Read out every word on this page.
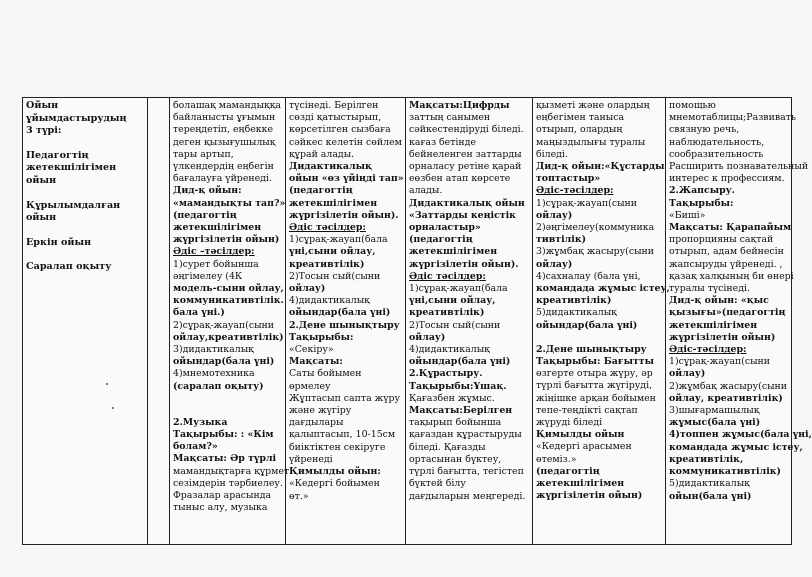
Ойын
ұйымдастырудың
3 түрі:
Педагогтің
жетекшілігімен
ойын
Құрылымдалған
ойын
Еркін ойын
Саралап оқыту
болашақ мамандыққа
байланысты ұғымын
тереңдетіп, еңбекке
деген қызығушылық
тары артып,
үлкендердің еңбегін
бағалауға үйренеді.
Дид-қ ойын:
«мамандықты тап?»
(педагогтің
жетекшілігімен
жүргізілетін ойын)
Әдіс –тәсілдер:
1)сурет бойынша
әңгімелеу (4К
модель-сыни ойлау,
коммуникативтілік.
бала үні.)
2)сұрақ-жауап(сыни
ойлау,креативтілік)
3)дидактикалық
ойындар(бала үні)
4)мнемотехника
(саралап оқыту)
2.Музыка
Тақырыбы: : «Кім
болам?»
Мақсаты: Әр түрлі
мамандықтарға құрмет
сезімдерін тәрбиелеу.
Фразалар арасында
тыныс алу, музыка
түсінеді. Берілген
сөзді қатыстырып,
көрсетілген сызбаға
сәйкес келетін сөйлем
құрай алады.
Дидактикалық
ойын «өз үйіңді тап»
(педагогтің
жетекшілігімен
жүргізілетін ойын).
Әдіс тәсілдер:
1)сұрақ-жауап(бала
үні,сыни ойлау,
креативтілік)
2)Тосын сый(сыни
ойлау)
4)дидактикалық
ойындар(бала үні)
2.Дене шынықтыру
Тақырыбы:
«Секіру»
Мақсаты:
Саты бойымен
өрмелеу
Жұптасып сапта жүру
және жүгіру
дағдылары
қалыптасып, 10-15см
биіктіктен секіруге
үйренеді
Қимылды ойын:
«Кедергі бойымен
өт.»
Мақсаты:Цифрды
заттың санымен
сәйкестендіруді біледі.
кағаз бетінде
бейнеленген заттарды
орналасу ретіне қарай
еөзбен атап көрсете
алады.
Дидактикалық ойын
«Заттарды кеңістік
орналастыр»
(педагогтің
жетекшілігімен
жүргізілетін ойын).
Әдіс тәсілдер:
1)сұрақ-жауап(бала
үні,сыни ойлау,
креативтілік)
2)Тосын сый(сыни
ойлау)
4)дидактикалық
ойындар(бала үні)
2.Құрастыру.
Тақырыбы:Ұшақ.
Қағазбен жұмыс.
Мақсаты:Берілген
тақырып бойынша
қағаздан құрастыруды
біледі. Қағазды
ортасынан бүктеу,
түрлі бағытта, тегістеп
бүктей білу
дағдыларын меңгереді.
қызметі және олардың
еңбегімен таныса
отырып, олардың
маңыздылығы туралы
біледі.
Дид-қ ойын:«Құстарды
топтастыр»
Әдіс-тәсілдер:
1)сұрақ-жауап(сыни
ойлау)
2)әңгімелеу(коммуника
тивтілік)
3)жұмбақ жасыру(сыни
ойлау)
4)сахналау (бала үні,
командада жұмыс істеу,
креативтілік)
5)дидактикалық
ойындар(бала үні)
2.Дене шынықтыру
Тақырыбы: Бағытты
өзгерте отыра жүру, әр
түрлі бағытта жүгіруді,
жіңішке арқан бойымен
тепе-теңдікті сақтап
жүруді біледі
Қимылды ойын
«Кедергі арасымен
өтеміз.»
(педагогтің
жетекшілігімен
жүргізілетін ойын)
помощью
мнемотаблицы;Развивать
связную речь,
наблюдательность,
сообразительность
Расширить познавательный
интерес к профессиям.
2.Жапсыру.
Тақырыбы:
«Биші»
Мақсаты: Қарапайым
пропорцияны сақтай
отырып, адам бейнесін
жапсыруды үйренеді. ,
қазақ халқының би өнері
туралы түсінеді.
Дид-қ ойын: «қыс
қызығы»(педагогтің
жетекшілігімен
жүргізілетін ойын)
Әдіс-тәсілдер:
1)сұрақ-жауап(сыни
ойлау)
2)жұмбақ жасыру(сыни
ойлау, креативтілік)
3)шығармашылық
жұмыс(бала үні)
4)топпен жұмыс(бала үні,
командада жұмыс істеу,
креативтілік,
коммуникативтілік)
5)дидактикалық
ойын(бала үні)
